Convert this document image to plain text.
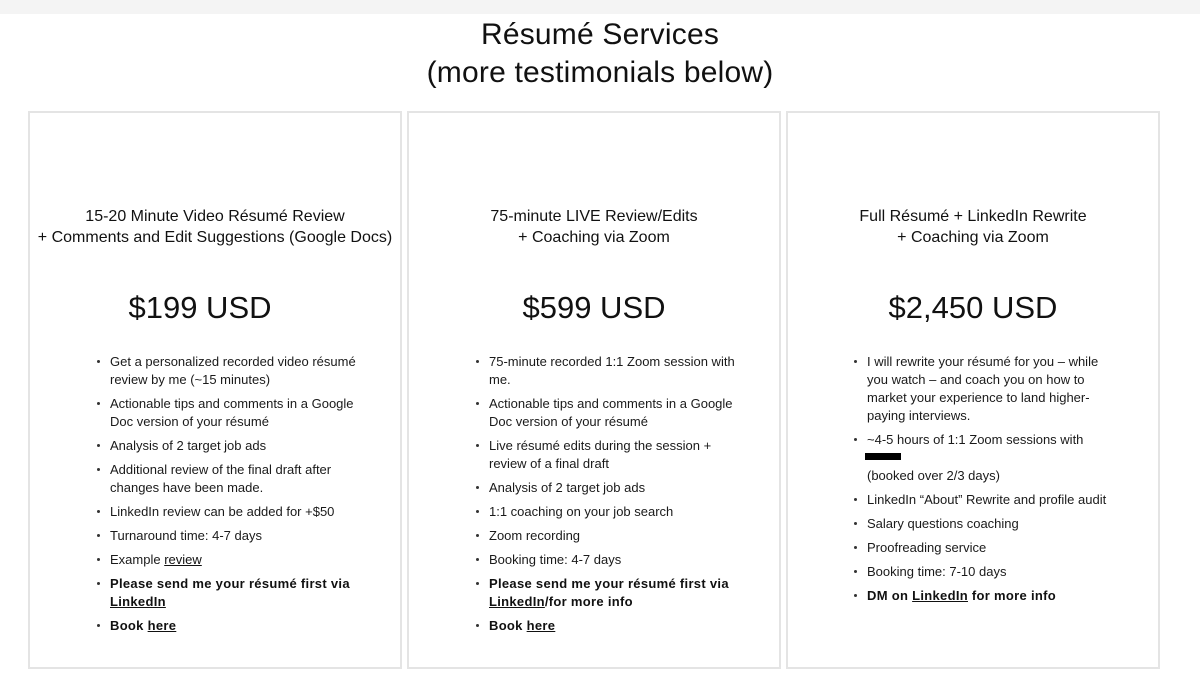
Résumé Services
(more testimonials below)
15-20 Minute Video Résumé Review
+ Comments and Edit Suggestions (Google Docs)
$199 USD
Get a personalized recorded video résumé review by me (~15 minutes)
Actionable tips and comments in a Google Doc version of your résumé
Analysis of 2 target job ads
Additional review of the final draft after changes have been made.
LinkedIn review can be added for +$50
Turnaround time: 4-7 days
Example review
Please send me your résumé first via LinkedIn
Book here
75-minute LIVE Review/Edits
+ Coaching via Zoom
$599 USD
75-minute recorded 1:1 Zoom session with me.
Actionable tips and comments in a Google Doc version of your résumé
Live résumé edits during the session + review of a final draft
Analysis of 2 target job ads
1:1 coaching on your job search
Zoom recording
Booking time: 4-7 days
Please send me your résumé first via LinkedIn/for more info
Book here
Full Résumé + LinkedIn Rewrite
+ Coaching via Zoom
$2,450 USD
I will rewrite your résumé for you – while you watch – and coach you on how to market your experience to land higher-paying interviews.
~4-5 hours of 1:1 Zoom sessions with
(booked over 2/3 days)
LinkedIn “About” Rewrite and profile audit
Salary questions coaching
Proofreading service
Booking time: 7-10 days
DM on LinkedIn for more info
